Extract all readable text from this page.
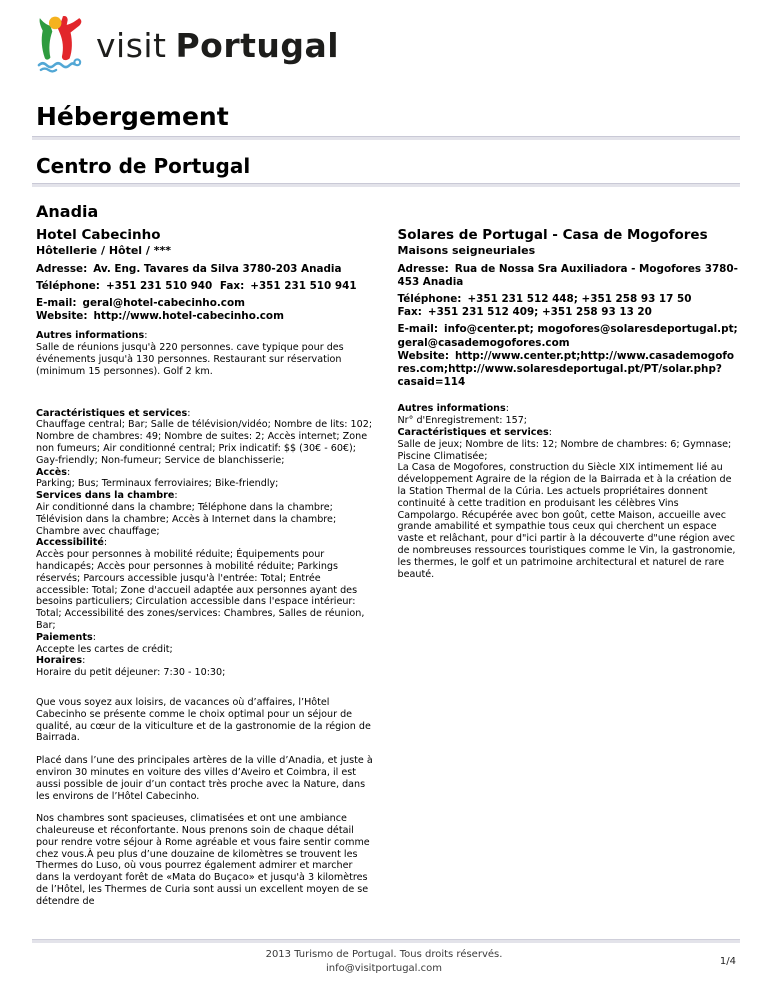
visit Portugal
Hébergement
Centro de Portugal
Anadia
Hotel Cabecinho
Hôtellerie / Hôtel / ***

Adresse: Av. Eng. Tavares da Silva 3780-203 Anadia

Téléphone: +351 231 510 940 Fax: +351 231 510 941

E-mail: geral@hotel-cabecinho.com Website: http://www.hotel-cabecinho.com

Autres informations :
Salle de réunions jusqu'à 220 personnes. cave typique pour des événements jusqu'à 130 personnes. Restaurant sur réservation (minimum 15 personnes). Golf 2 km.
Caractéristiques et services :
Chauffage central; Bar; Salle de télévision/vidéo; Nombre de lits: 102; Nombre de chambres: 49; Nombre de suites: 2; Accès internet; Zone non fumeurs; Air conditionné central; Prix indicatif: $$ (30€ - 60€); Gay-friendly; Non-fumeur; Service de blanchisserie;
Accès :
Parking; Bus; Terminaux ferroviaires; Bike-friendly;
Services dans la chambre :
Air conditionné dans la chambre; Téléphone dans la chambre; Télévision dans la chambre; Accès à Internet dans la chambre; Chambre avec chauffage;
Accessibilité :
Accès pour personnes à mobilité réduite; Équipements pour handicapés; Accès pour personnes à mobilité réduite; Parkings réservés; Parcours accessible jusqu'à l'entrée: Total; Entrée accessible: Total; Zone d'accueil adaptée aux personnes ayant des besoins particuliers; Circulation accessible dans l'espace intérieur: Total; Accessibilité des zones/services: Chambres, Salles de réunion, Bar;
Paiements :
Accepte les cartes de crédit;
Horaires :
Horaire du petit déjeuner: 7:30 - 10:30;

Que vous soyez aux loisirs, de vacances où d’affaires, l’Hôtel Cabecinho se présente comme le choix optimal pour un séjour de qualité, au cœur de la viticulture et de la gastronomie de la région de Bairrada.

Placé dans l’une des principales artères de la ville d’Anadia, et juste à environ 30 minutes en voiture des villes d’Aveiro et Coimbra, il est aussi possible de jouir d’un contact très proche avec la Nature, dans les environs de l’Hôtel Cabecinho.

Nos chambres sont spacieuses, climatisées et ont une ambiance chaleureuse et réconfortante. Nous prenons soin de chaque détail pour rendre votre séjour à Rome agréable et vous faire sentir comme chez vous.À peu plus d’une douzaine de kilomètres se trouvent les Thermes do Luso, où vous pourrez également admirer et marcher dans la verdoyant forêt de «Mata do Buçaco» et jusqu'à 3 kilomètres de l’Hôtel, les Thermes de Curia sont aussi un excellent moyen de se détendre de

Solares de Portugal - Casa de Mogofores
Maisons seigneuriales

Adresse: Rua de Nossa Sra Auxiliadora - Mogofores 3780-453 Anadia

Téléphone: +351 231 512 448; +351 258 93 17 50 Fax: +351 231 512 409; +351 258 93 13 20

E-mail: info@center.pt; mogofores@solaresdeportugal.pt; geral@casademogofores.com Website: http://www.center.pt;http://www.casademogofores.com;http://www.solaresdeportugal.pt/PT/solar.php?casaid=114

Autres informations :
Nr° d'Enregistrement: 157;
Caractéristiques et services :
Salle de jeux; Nombre de lits: 12; Nombre de chambres: 6; Gymnase; Piscine Climatisée;
La Casa de Mogofores, construction du Siècle XIX intimement lié au développement Agraire de la région de la Bairrada et à la création de la Station Thermal de la Cúria. Les actuels propriétaires donnent continuité à cette tradition en produisant les célèbres Vins Campolargo. Récupérée avec bon goût, cette Maison, accueille avec grande amabilité et sympathie tous ceux qui cherchent un espace vaste et relâchant, pour d"ici partir à la découverte d"une région avec de nombreuses ressources touristiques comme le Vin, la gastronomie, les thermes, le golf et un patrimoine architectural et naturel de rare beauté.
2013 Turismo de Portugal. Tous droits réservés.
info@visitportugal.com
1/4
